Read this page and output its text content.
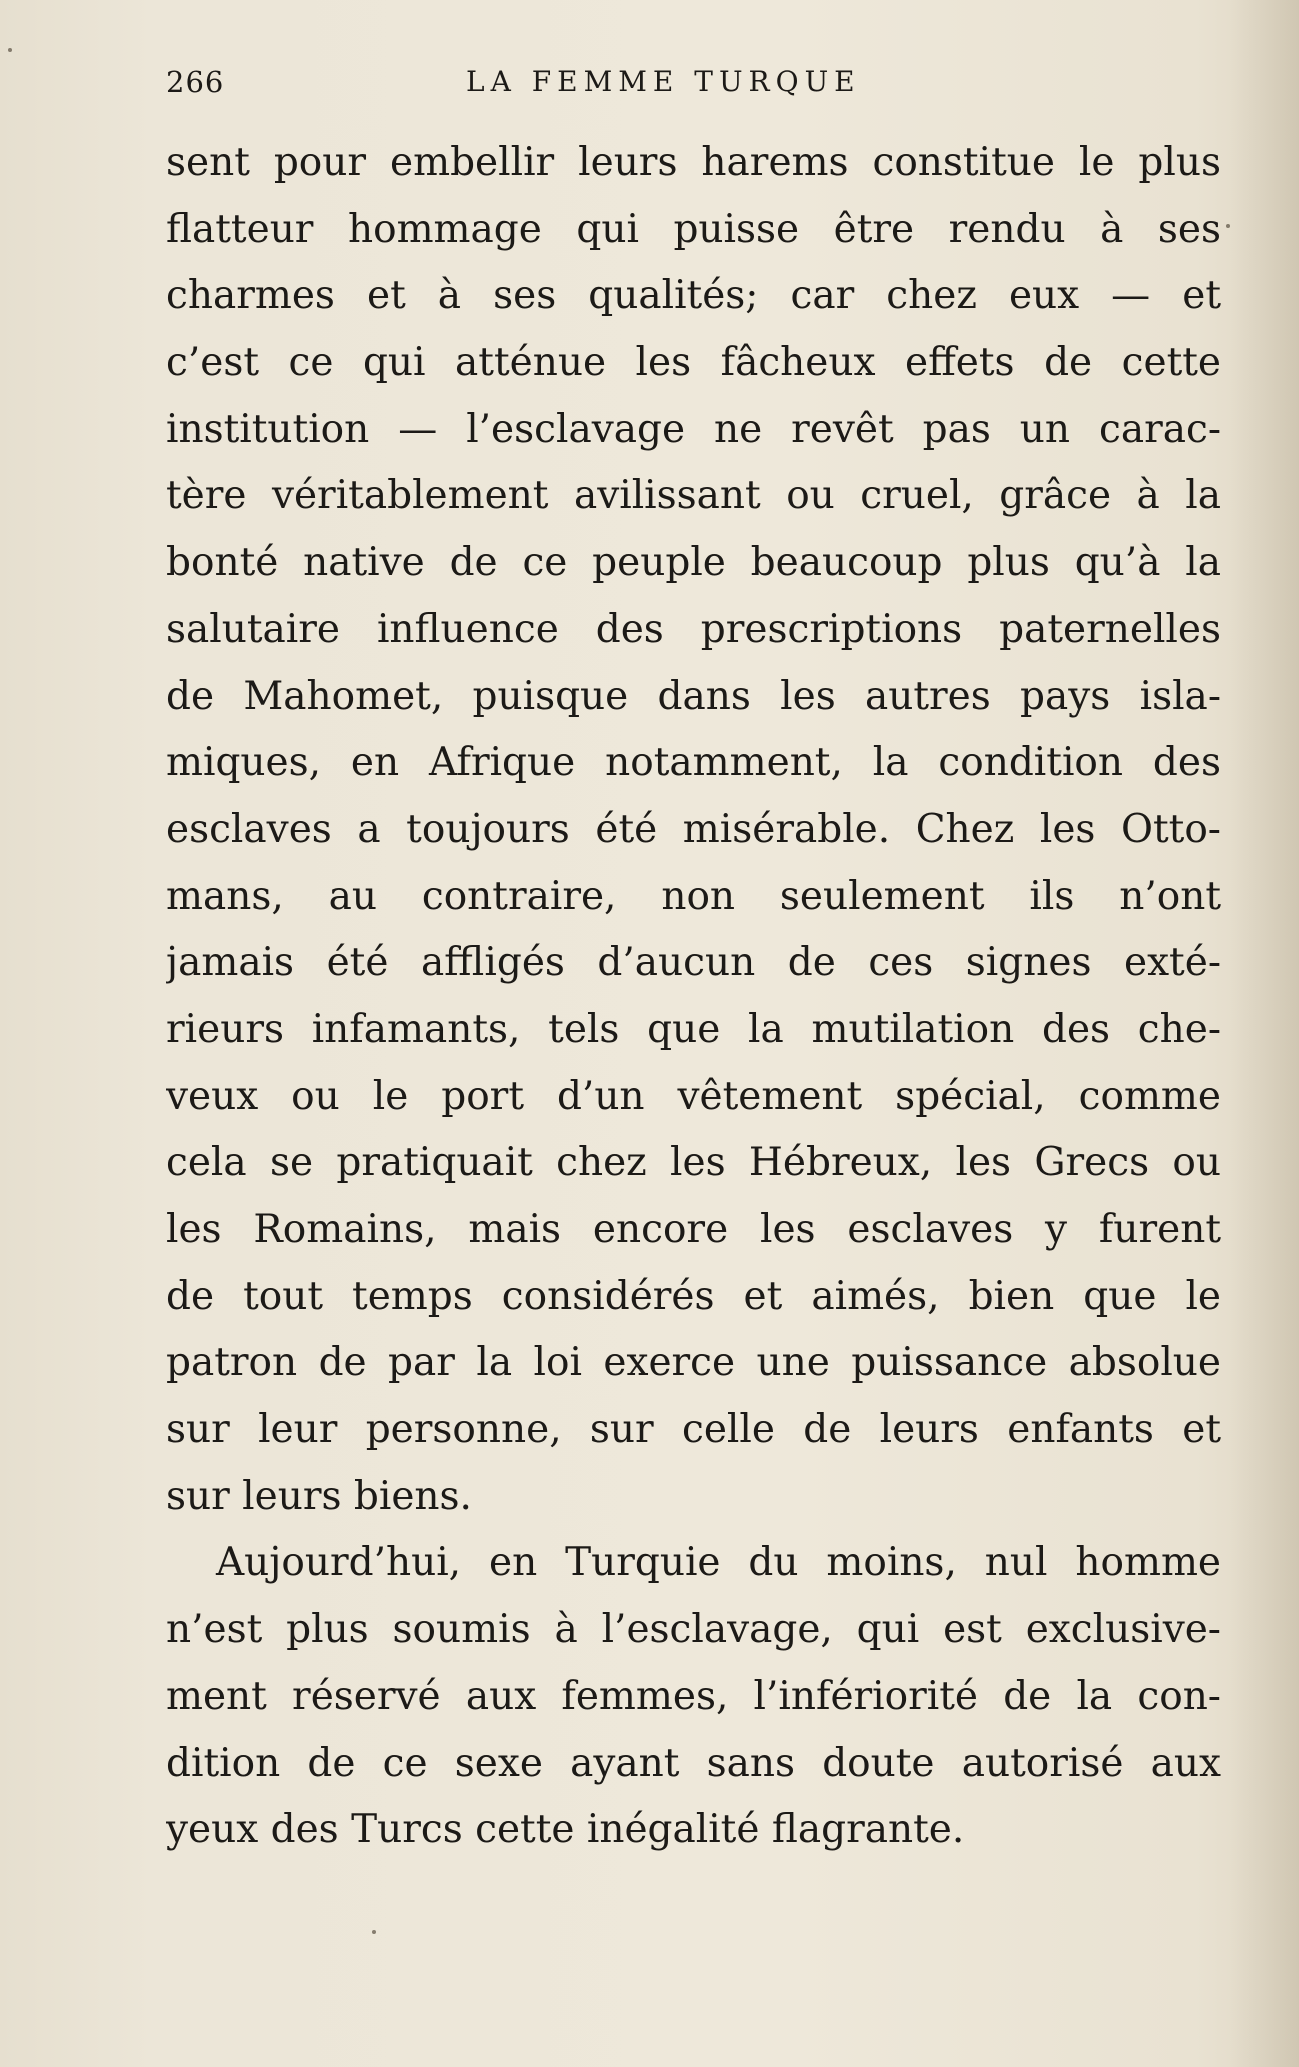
266	LA FEMME TURQUE
sent pour embellir leurs harems constitue le plus
flatteur hommage qui puisse être rendu à ses
charmes et à ses qualités; car chez eux — et
c’est ce qui atténue les fâcheux effets de cette
institution — l’esclavage ne revêt pas un carac-
tère véritablement avilissant ou cruel, grâce à la
bonté native de ce peuple beaucoup plus qu’à la
salutaire influence des prescriptions paternelles
de Mahomet, puisque dans les autres pays isla-
miques, en Afrique notamment, la condition des
esclaves a toujours été misérable. Chez les Otto-
mans, au contraire, non seulement ils n’ont
jamais été affligés d’aucun de ces signes exté-
rieurs infamants, tels que la mutilation des che-
veux ou le port d’un vêtement spécial, comme
cela se pratiquait chez les Hébreux, les Grecs ou
les Romains, mais encore les esclaves y furent
de tout temps considérés et aimés, bien que le
patron de par la loi exerce une puissance absolue
sur leur personne, sur celle de leurs enfants et
sur leurs biens.
Aujourd’hui, en Turquie du moins, nul homme
n’est plus soumis à l’esclavage, qui est exclusive-
ment réservé aux femmes, l’infériorité de la con-
dition de ce sexe ayant sans doute autorisé aux
yeux des Turcs cette inégalité flagrante.
